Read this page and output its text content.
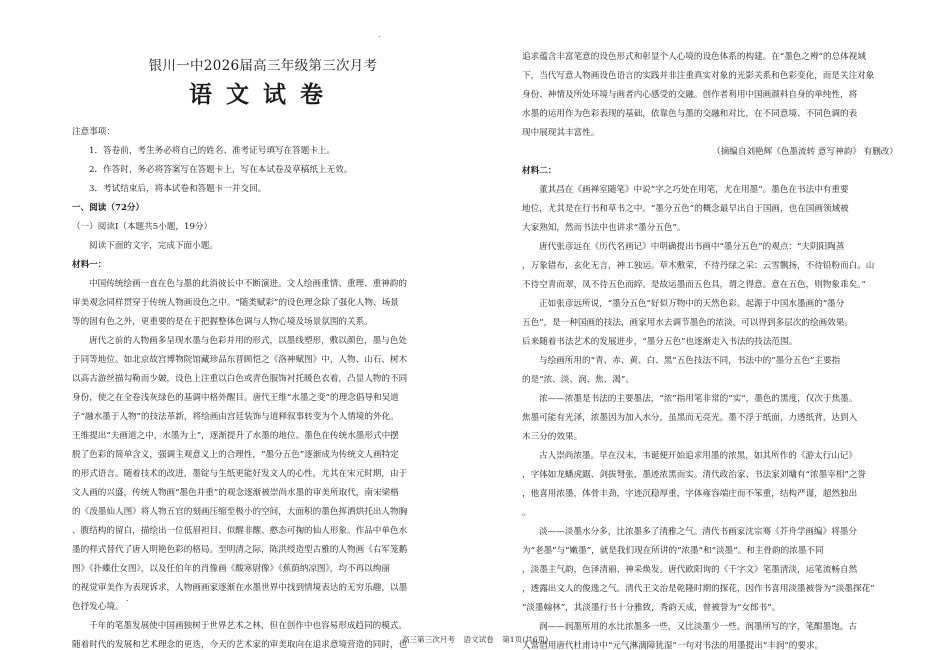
.
.
银川一中2026届高三年级第三次月考
语文试卷
注意事项：
1．答卷前，考生务必将自己的姓名、准考证号填写在答题卡上。
2．作答时，务必将答案写在答题卡上，写在本试卷及草稿纸上无效。
3．考试结束后，将本试卷和答题卡一并交回。
一、阅读（72分）
（一）阅读Ⅰ（本题共5小题，19分）
阅读下面的文字，完成下面小题。
材料一：
中国传统绘画一直在色与墨的此消彼长中不断演进。文人绘画重情、重理、重神韵的
审美观念同样贯穿于传统人物画设色之中。“随类赋彩”的设色理念除了强化人物、场景
等的固有色之外，更重要的是在于把握整体色调与人物心境及场景氛围的关系。
唐代之前的人物画多呈现水墨与色彩并用的形式，以墨线塑形，敷以颜色，墨与色处
于同等地位。如北京故宫博物院馆藏珍品东晋顾恺之《洛神赋图》中，人物、山石、树木
以高古游丝描勾勒而少皴，设色上注重以白色或青色服饰衬托暖色衣着，凸显人物的不同
身份，使之在全卷浅灰绿色的基调中格外醒目。唐代王维“水墨之变”的理念倡导和吴道
子“融水墨于人物”的技法革新，将绘画由宫廷装饰与道释叙事转变为个人情境的外化。
王维提出“夫画道之中，水墨为上”，逐渐提升了水墨的地位。墨色在传统水墨形式中摆
脱了色彩的简单含义，强调主观意义上的合理性，“墨分五色”逐渐成为传统文人画特定
的形式语言。随着技术的改进，墨锭与生纸更能好发文人的心性，尤其在宋元时期，由于
文人画的兴盛，传统人物画“墨色并重”的观念逐渐被崇尚水墨的审美所取代，南宋梁楷
的《泼墨仙人图》将人物五官的刻画压缩至极小的空间，大面积的墨色挥洒烘托出人物胸
、腹结构的留白，描绘出一位低眉袒目、似醒非醒、憨态可掬的仙人形象。作品中单色水
墨的样式替代了唐人明艳色彩的格局。至明清之际，陈洪绶造型古雅的人物画《右军笼鹅
图》《扑蝶仕女图》，以及任伯年的肖像画《酸寒尉像》《蕉荫纳凉图》，均不再以绚丽
的视觉审美作为表现诉求，人物画画家逐渐在水墨世界中找到情境表达的无穷乐趣，以墨
色抒发心境。
千年的笔墨发展使中国画独树于世界艺术之林，但在创作中也容易形成趋同的模式。
随着时代的发展和艺术理念的更迭，今天的艺术家的审美取向在追求意境营造的同时，也
追求蕴含丰富笔意的设色形式和彰显个人心境的设色体系的构建。在“墨色之辨”的总体视域
下，当代写意人物画设色语言的实践并非注重真实对象的光影关系和色彩变化，而是关注对象
身份、神情及所处环境与画者内心感受的交融。创作者利用中国画颜料自身的单纯性，将
水墨的运用作为色彩表现的基础，依靠色与墨的交融和对比，在不同意境、不同色调的表
现中展现其丰富性。
（摘编自刘艳辉《色墨流转 意写神韵》 有删改）
材料二：
董其昌在《画禅室随笔》中说“字之巧处在用笔，尤在用墨”。墨色在书法中有重要
地位，尤其是在行书和草书之中。“墨分五色”的概念最早出自于国画，也在国画领域被
大家熟知，然而书法中也讲求“墨分五色”。
唐代张彦远在《历代名画记》中明确提出书画中“墨分五色”的观点：“夫阴阳陶蒸
，万象错布，玄化无言，神工独运。草木敷荣，不待丹绿之采；云雪飘扬，不待铅粉而白。山
不待空青而翠，凤不待五色而綷。是故运墨而五色具，谓之得意。意在五色，则物象乖矣。”
正如张彦远所说，“墨分五色”好似万物中的天然色彩。起源于中国水墨画的“墨分
五色”，是一种国画的技法，画家用水去调节墨色的浓淡，可以得到多层次的绘画效果。
后来随着书法艺术的发展进步，“墨分五色”也逐渐走入书法的技法范围。
与绘画所用的“青、赤、黄、白、黑”五色技法不同，书法中的“墨分五色”主要指
的是“浓、淡、润、焦、渴”。
浓——浓墨是书法的主要墨法，“浓”指用笔非常的“实”，墨色的黑度，仅次于焦墨。
焦墨可能有光泽，浓墨因为加入水分，虽黑而无亮光。墨不浮于纸面，力透纸背，达到入
木三分的效果。
古人崇尚浓墨。早在汉末，韦诞便开始追求用墨的浓黑，如其所作的《游太行山记》
，字体如龙蟠虎踞、剑拔弩张，墨迹浓黑而实。清代政治家、书法家刘墉有“浓墨宰相”之誉
，他喜用浓墨，体骨丰劲，字迹沉稳厚重，字体雍容端庄而不笨重，结构严谨，超然独出
。
淡——淡墨水分多，比浓墨多了清雅之气。清代书画家沈宗骞《芥舟学画编》将墨分
为“老墨”与“嫩墨”，就是我们现在所讲的“浓墨”和“淡墨”。和主骨韵的浓墨不同
，淡墨主气韵，色泽清丽、神采焕发。唐代欧阳询的《千字文》笔墨清淡，运笔流畅自然
，透露出文人的俊逸之气。清代王文治是乾隆时期的探花，因作书喜用淡墨被誉为“淡墨探花”
“淡墨翰林”，其淡墨行书十分雅致，秀韵天成，曾被誉为“女郎书”。
润——润墨所用的水比浓墨多一些，又比淡墨少一些。润墨所写的字，笔酣墨饱。古
人常借用唐代杜甫诗中“元气淋漓障犹湿”一句对书法的用墨提出“丰润”的要求。
高三第三次月考 语文试卷 第1页(共6页)
